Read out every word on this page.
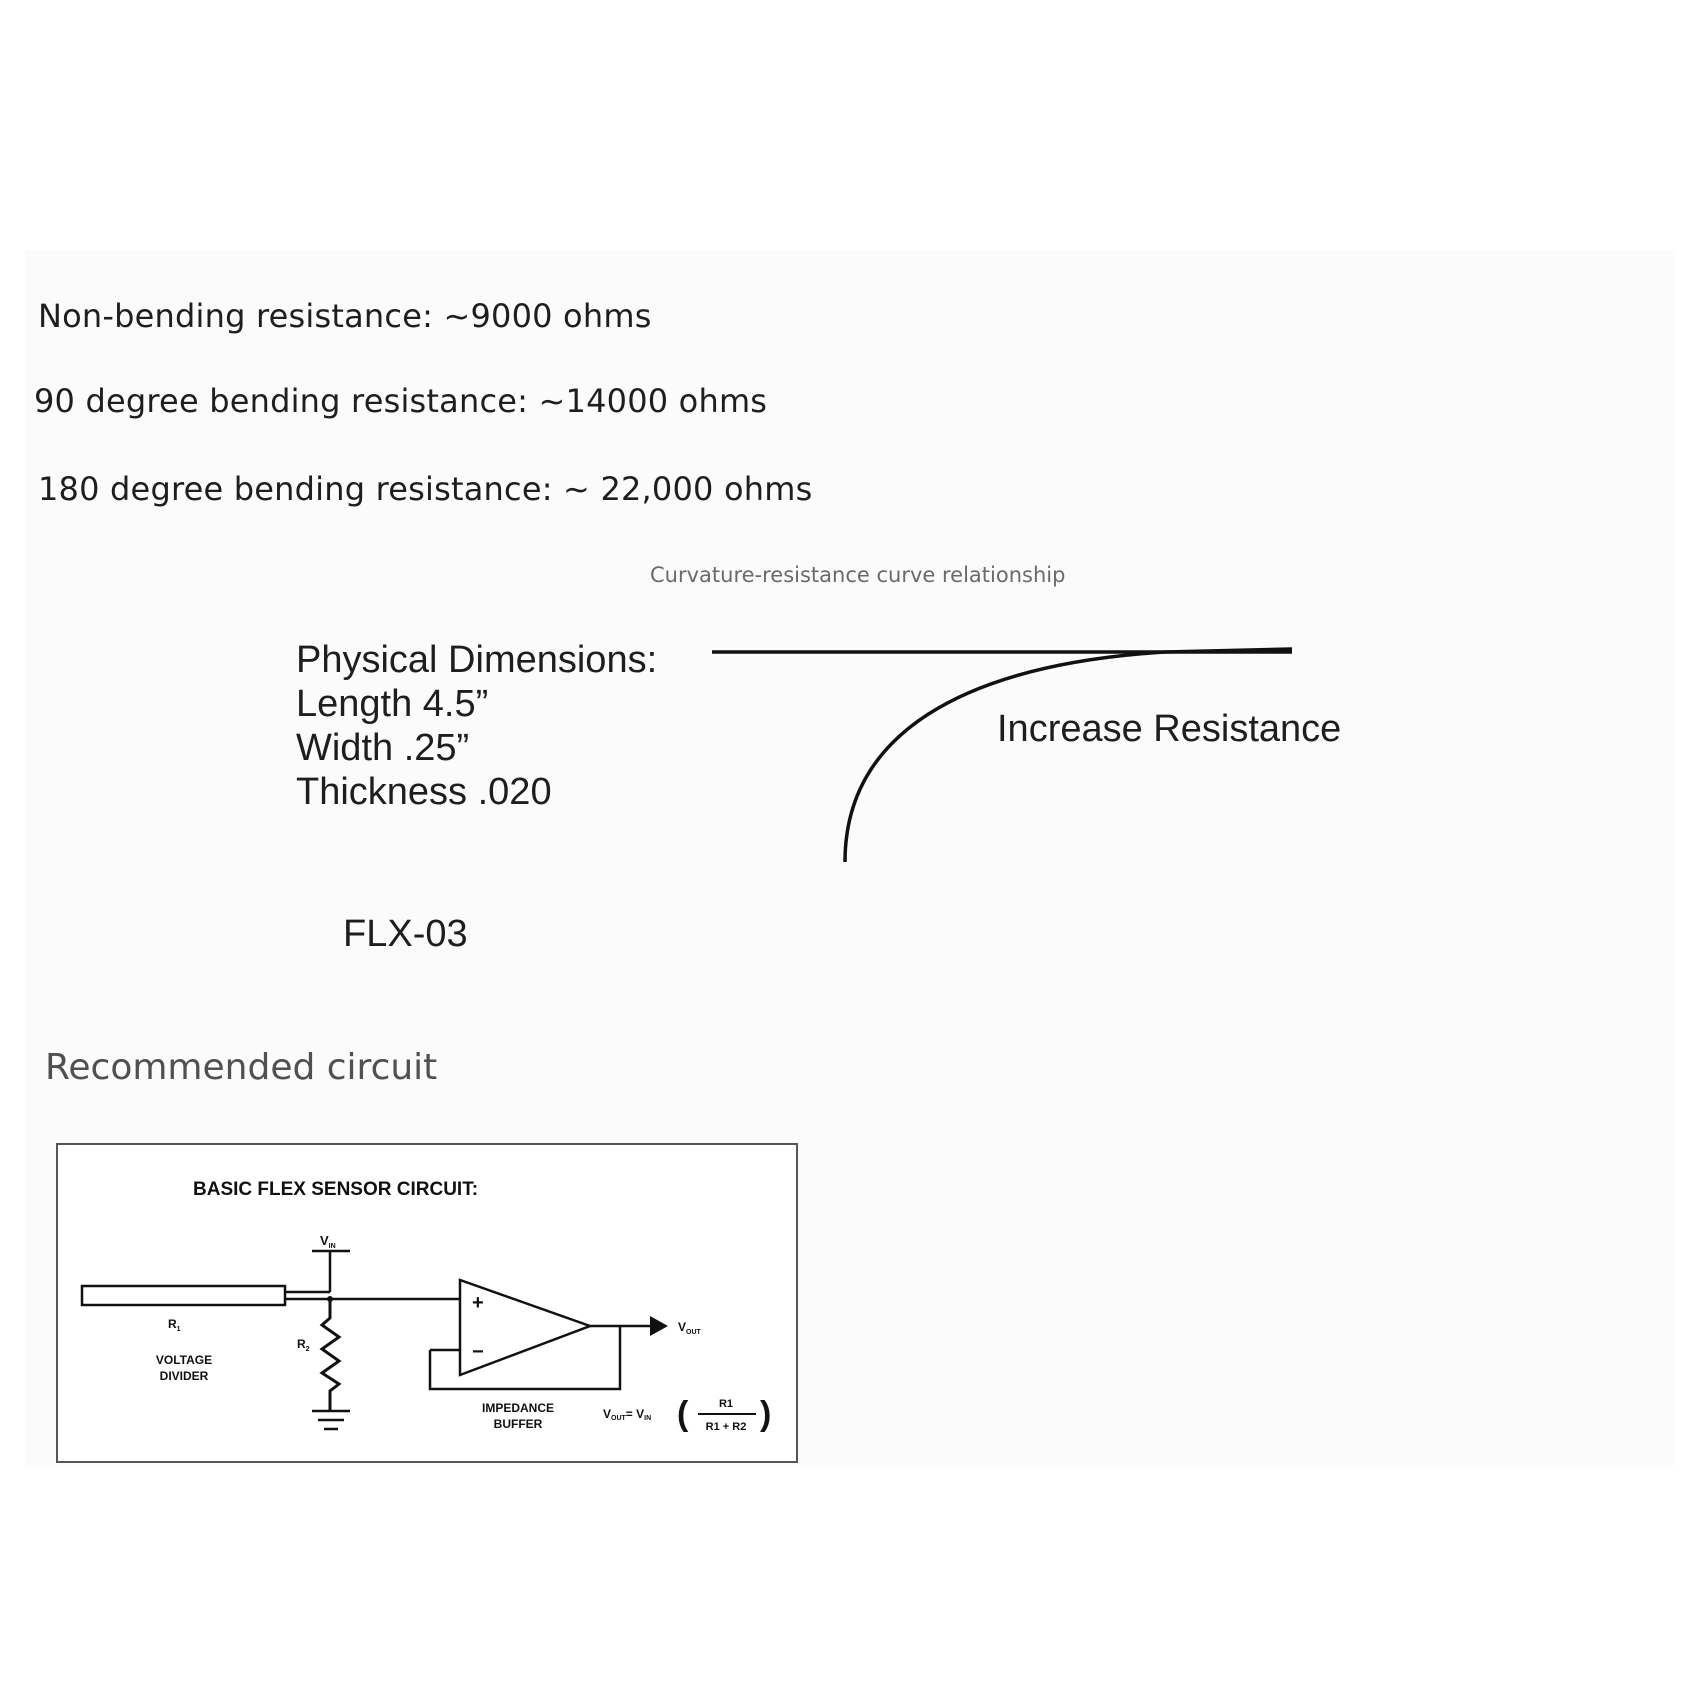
Non-bending resistance: ~9000 ohms
90 degree bending resistance: ~14000 ohms
180 degree bending resistance: ~ 22,000 ohms
Curvature-resistance curve relationship
Physical Dimensions:
Length 4.5”
Width .25”
Thickness .020
Increase Resistance
FLX-03
Recommended circuit
BASIC FLEX SENSOR CIRCUIT:
$V_{IN}$
$R_1$
$R_2$
VOLTAGE
DIVIDER
+
−
$V_{OUT}$
IMPEDANCE
BUFFER
VOUT= VIN (	R1
R1 + R2 )
